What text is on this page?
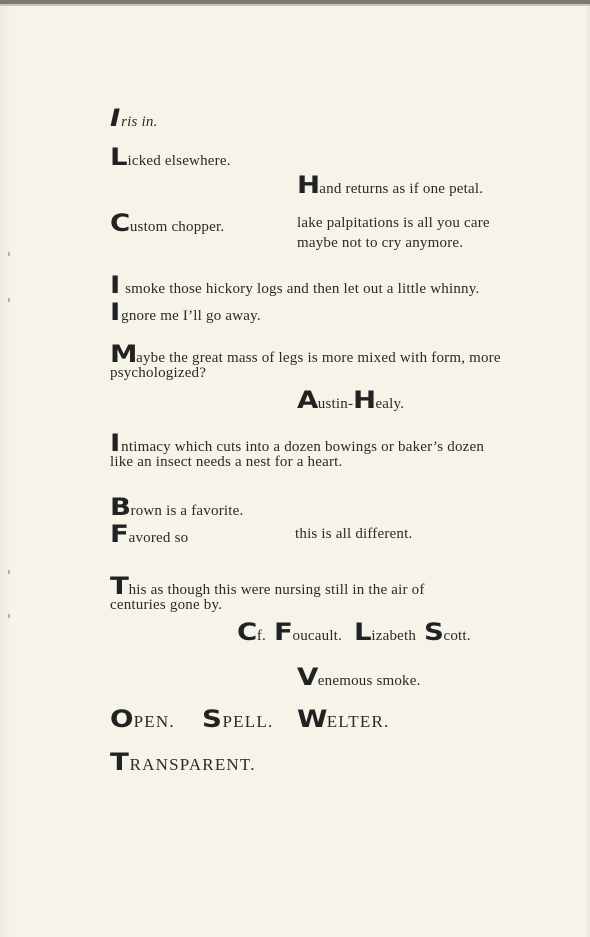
Iris in.
Licked elsewhere.
Hand returns as if one petal.
Custom chopper.	lake palpitations is all you care
maybe not to cry anymore.
I smoke those hickory logs and then let out a little whinny.
Ignore me I’ll go away.
Maybe the great mass of legs is more mixed with form, more
psychologized?
Austin-Healy.
Intimacy which cuts into a dozen bowings or baker’s dozen
like an insect needs a nest for a heart.
Brown is a favorite.
Favored so	this is all different.
This as though this were nursing still in the air of
centuries gone by.
Cf. Foucault. Lizabeth Scott.
Venemous smoke.
OPEN. SPELL. WELTER.
TRANSPARENT.
